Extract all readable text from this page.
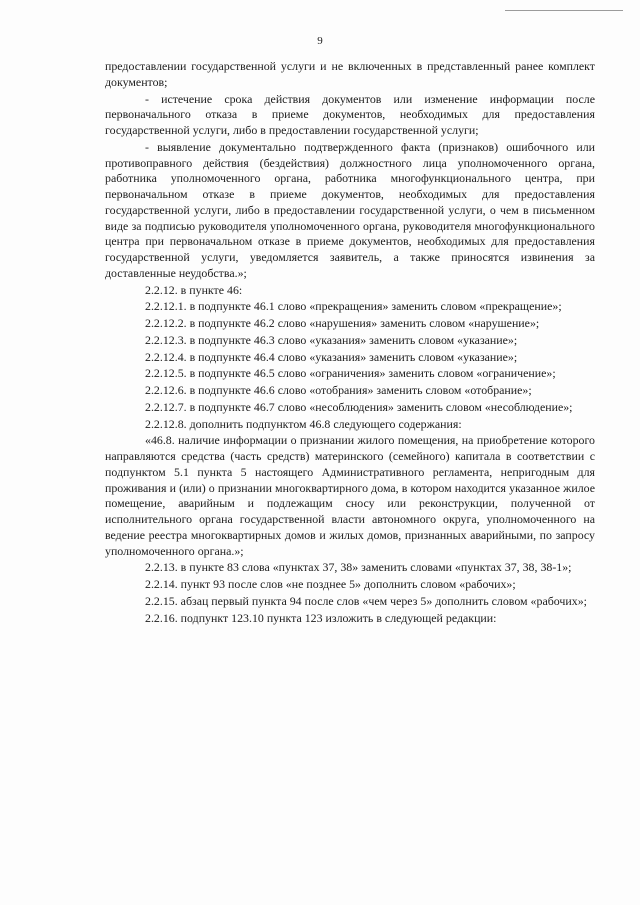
9

предоставлении государственной услуги и не включенных в представленный ранее комплект документов;

- истечение срока действия документов или изменение информации после первоначального отказа в приеме документов, необходимых для предоставления государственной услуги, либо в предоставлении государственной услуги;

- выявление документально подтвержденного факта (признаков) ошибочного или противоправного действия (бездействия) должностного лица уполномоченного органа, работника уполномоченного органа, работника многофункционального центра, при первоначальном отказе в приеме документов, необходимых для предоставления государственной услуги, либо в предоставлении государственной услуги, о чем в письменном виде за подписью руководителя уполномоченного органа, руководителя многофункционального центра при первоначальном отказе в приеме документов, необходимых для предоставления государственной услуги, уведомляется заявитель, а также приносятся извинения за доставленные неудобства.»;

2.2.12. в пункте 46:

2.2.12.1. в подпункте 46.1 слово «прекращения» заменить словом «прекращение»;

2.2.12.2. в подпункте 46.2 слово «нарушения» заменить словом «нарушение»;

2.2.12.3. в подпункте 46.3 слово «указания» заменить словом «указание»;

2.2.12.4. в подпункте 46.4 слово «указания» заменить словом «указание»;

2.2.12.5. в подпункте 46.5 слово «ограничения» заменить словом «ограничение»;

2.2.12.6. в подпункте 46.6 слово «отобрания» заменить словом «отобрание»;

2.2.12.7. в подпункте 46.7 слово «несоблюдения» заменить словом «несоблюдение»;

2.2.12.8. дополнить подпунктом 46.8 следующего содержания:

«46.8. наличие информации о признании жилого помещения, на приобретение которого направляются средства (часть средств) материнского (семейного) капитала в соответствии с подпунктом 5.1 пункта 5 настоящего Административного регламента, непригодным для проживания и (или) о признании многоквартирного дома, в котором находится указанное жилое помещение, аварийным и подлежащим сносу или реконструкции, полученной от исполнительного органа государственной власти автономного округа, уполномоченного на ведение реестра многоквартирных домов и жилых домов, признанных аварийными, по запросу уполномоченного органа.»;

2.2.13. в пункте 83 слова «пунктах 37, 38» заменить словами «пунктах 37, 38, 38-1»;

2.2.14. пункт 93 после слов «не позднее 5» дополнить словом «рабочих»;

2.2.15. абзац первый пункта 94 после слов «чем через 5» дополнить словом «рабочих»;

2.2.16. подпункт 123.10 пункта 123 изложить в следующей редакции:
